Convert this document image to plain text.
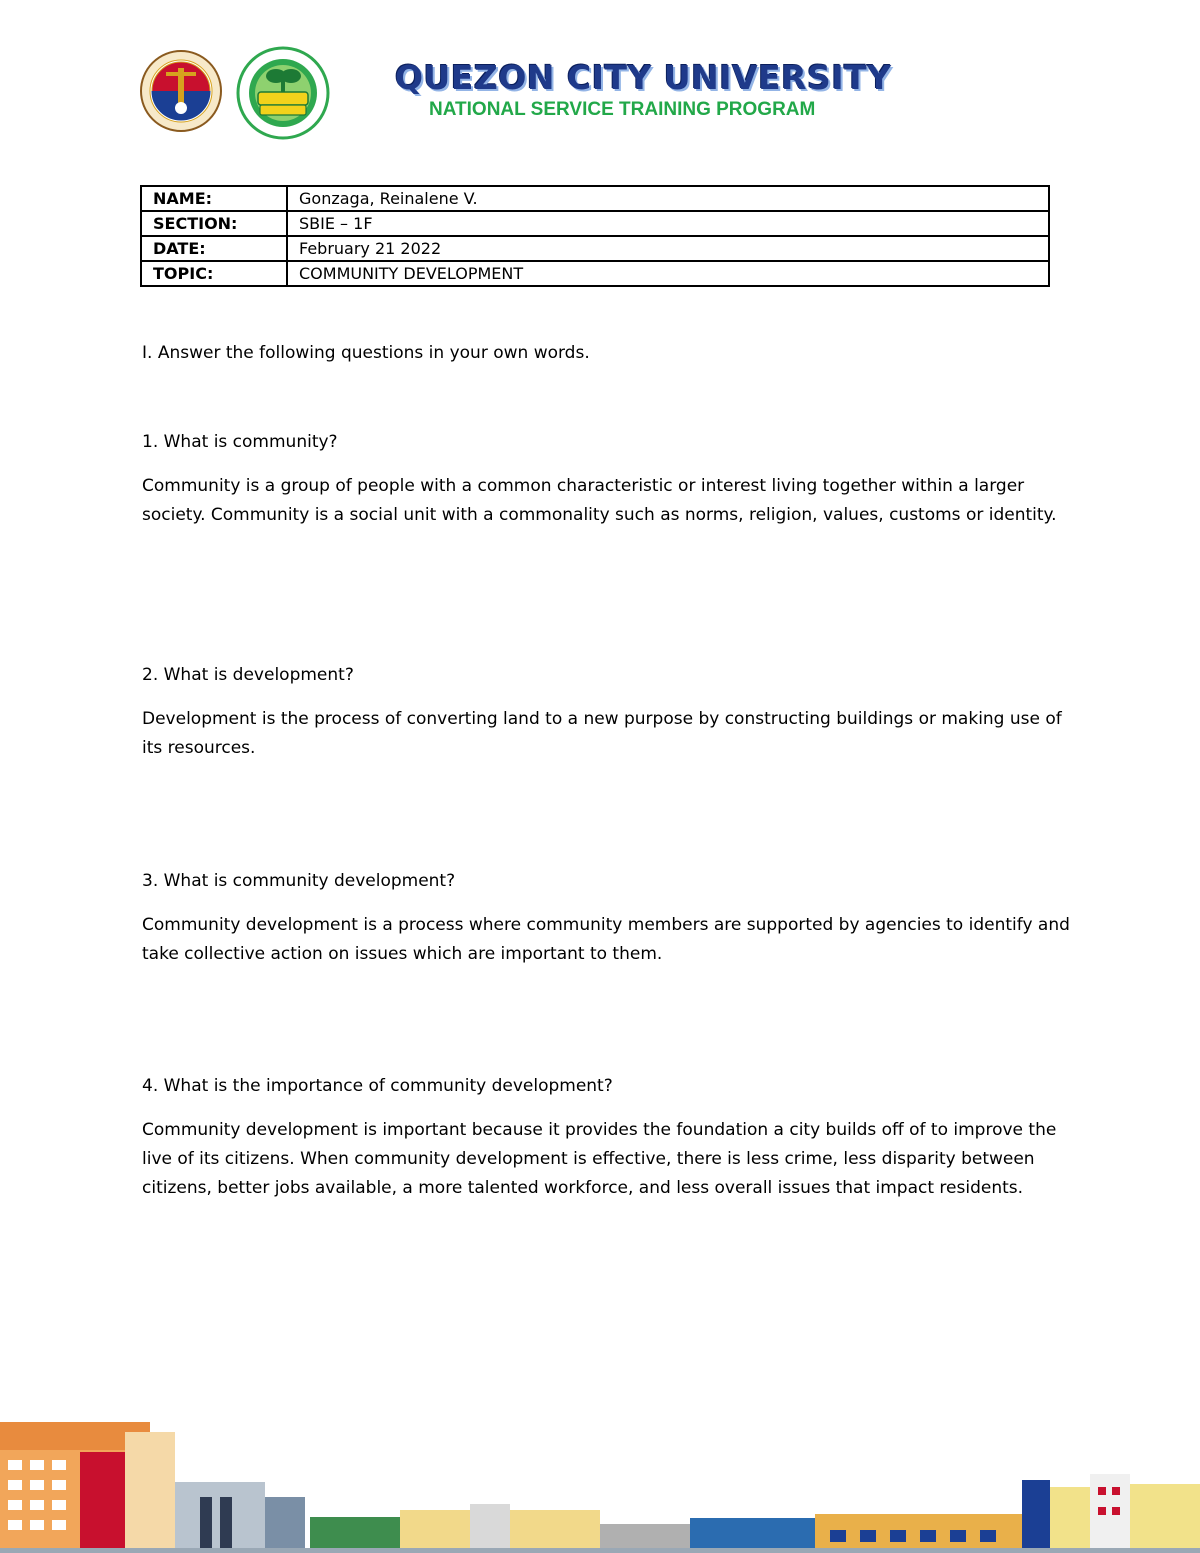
QUEZON CITY UNIVERSITY
NATIONAL SERVICE TRAINING PROGRAM
NAME:	Gonzaga, Reinalene V.
SECTION:	SBIE – 1F
DATE:	February 21 2022
TOPIC:	COMMUNITY DEVELOPMENT

I. Answer the following questions in your own words.

1. What is community?

Community is a group of people with a common characteristic or interest living together within a larger society. Community is a social unit with a commonality such as norms, religion, values, customs or identity.

2. What is development?

Development is the process of converting land to a new purpose by constructing buildings or making use of its resources.

3. What is community development?

Community development is a process where community members are supported by agencies to identify and take collective action on issues which are important to them.

4. What is the importance of community development?

Community development is important because it provides the foundation a city builds off of to improve the live of its citizens. When community development is effective, there is less crime, less disparity between citizens, better jobs available, a more talented workforce, and less overall issues that impact residents.
